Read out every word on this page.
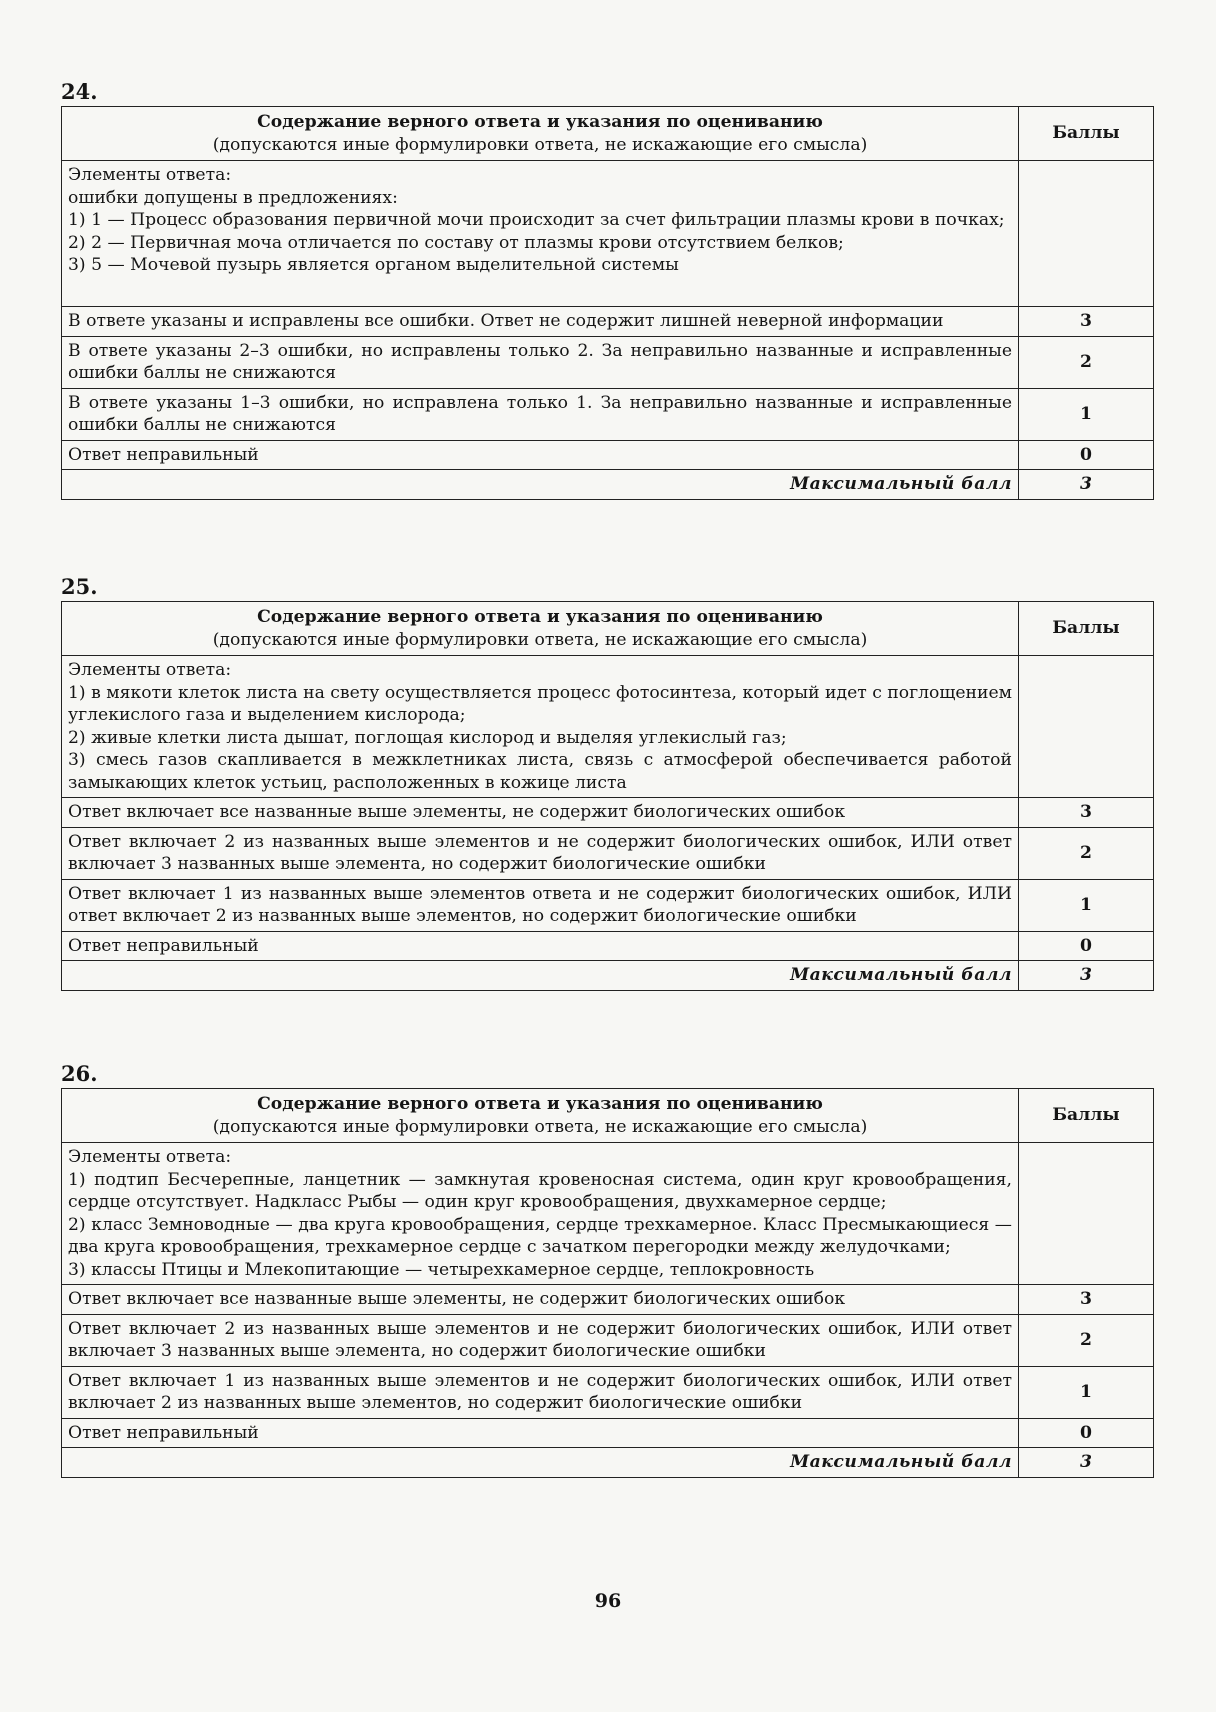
24.
Содержание верного ответа и указания по оцениванию
(допускаются иные формулировки ответа, не искажающие его смысла)	Баллы

Элементы ответа:
ошибки допущены в предложениях:
1) 1 — Процесс образования первичной мочи происходит за счет фильтрации плазмы крови в почках;
2) 2 — Первичная моча отличается по составу от плазмы крови отсутствием белков;
3) 5 — Мочевой пузырь является органом выделительной системы	

В ответе указаны и исправлены все ошибки. Ответ не содержит лишней неверной информации	3
В ответе указаны 2–3 ошибки, но исправлены только 2. За неправильно названные и исправленные ошибки баллы не снижаются	2
В ответе указаны 1–3 ошибки, но исправлена только 1. За неправильно названные и исправленные ошибки баллы не снижаются	1
Ответ неправильный	0
Максимальный балл	3
25.
Содержание верного ответа и указания по оцениванию
(допускаются иные формулировки ответа, не искажающие его смысла)	Баллы

Элементы ответа:
1) в мякоти клеток листа на свету осуществляется процесс фотосинтеза, который идет с поглощением углекислого газа и выделением кислорода;
2) живые клетки листа дышат, поглощая кислород и выделяя углекислый газ;
3) смесь газов скапливается в межклетниках листа, связь с атмосферой обеспечивается работой замыкающих клеток устьиц, расположенных в кожице листа	

Ответ включает все названные выше элементы, не содержит биологических ошибок	3
Ответ включает 2 из названных выше элементов и не содержит биологических ошибок, ИЛИ ответ включает 3 названных выше элемента, но содержит биологические ошибки	2
Ответ включает 1 из названных выше элементов ответа и не содержит биологических ошибок, ИЛИ ответ включает 2 из названных выше элементов, но содержит биологические ошибки	1
Ответ неправильный	0
Максимальный балл	3
26.
Содержание верного ответа и указания по оцениванию
(допускаются иные формулировки ответа, не искажающие его смысла)	Баллы

Элементы ответа:
1) подтип Бесчерепные, ланцетник — замкнутая кровеносная система, один круг кровообращения, сердце отсутствует. Надкласс Рыбы — один круг кровообращения, двухкамерное сердце;
2) класс Земноводные — два круга кровообращения, сердце трехкамерное. Класс Пресмыкающиеся — два круга кровообращения, трехкамерное сердце с зачатком перегородки между желудочками;
3) классы Птицы и Млекопитающие — четырехкамерное сердце, теплокровность	

Ответ включает все названные выше элементы, не содержит биологических ошибок	3
Ответ включает 2 из названных выше элементов и не содержит биологических ошибок, ИЛИ ответ включает 3 названных выше элемента, но содержит биологические ошибки	2
Ответ включает 1 из названных выше элементов и не содержит биологических ошибок, ИЛИ ответ включает 2 из названных выше элементов, но содержит биологические ошибки	1
Ответ неправильный	0
Максимальный балл	3
96
